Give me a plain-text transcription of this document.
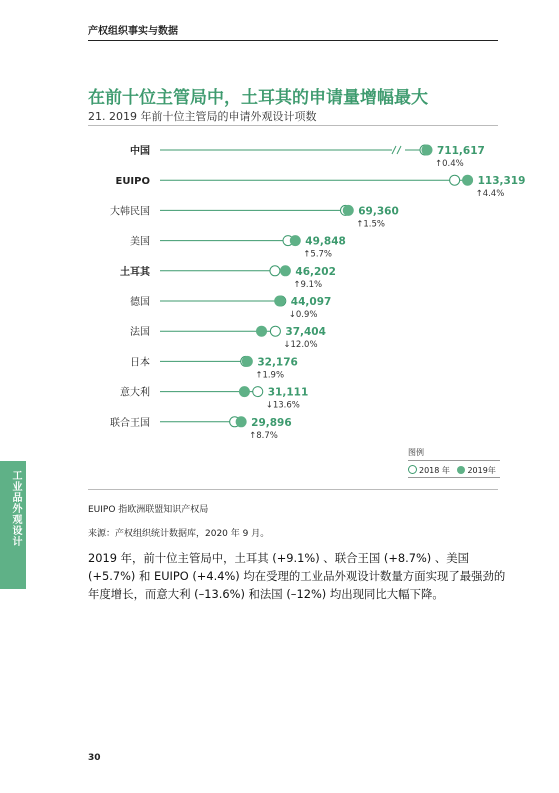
产权组织事实与数据
在前十位主管局中，土耳其的申请量增幅最大
21. 2019 年前十位主管局的申请外观设计项数
中国	711,617
↑0.4%
EUIPO	113,319
↑4.4%
大韩民国	69,360
↑1.5%
美国	49,848
↑5.7%
土耳其	46,202
↑9.1%
德国	44,097
↓0.9%
法国	37,404
↓12.0%
日本	32,176
↑1.9%
意大利	31,111
↓13.6%
联合王国	29,896
↑8.7%
图例
2018 年 2019年
EUIPO 指欧洲联盟知识产权局
来源：产权组织统计数据库，2020 年 9 月。
2019 年，前十位主管局中，土耳其 (+9.1%) 、联合王国 (+8.7%) 、美国 (+5.7%) 和 EUIPO (+4.4%) 均在受理的工业品外观设计数量方面实现了最强劲的年度增长，而意大利 (–13.6%) 和法国 (–12%) 均出现同比大幅下降。
工业品外观设计
30
